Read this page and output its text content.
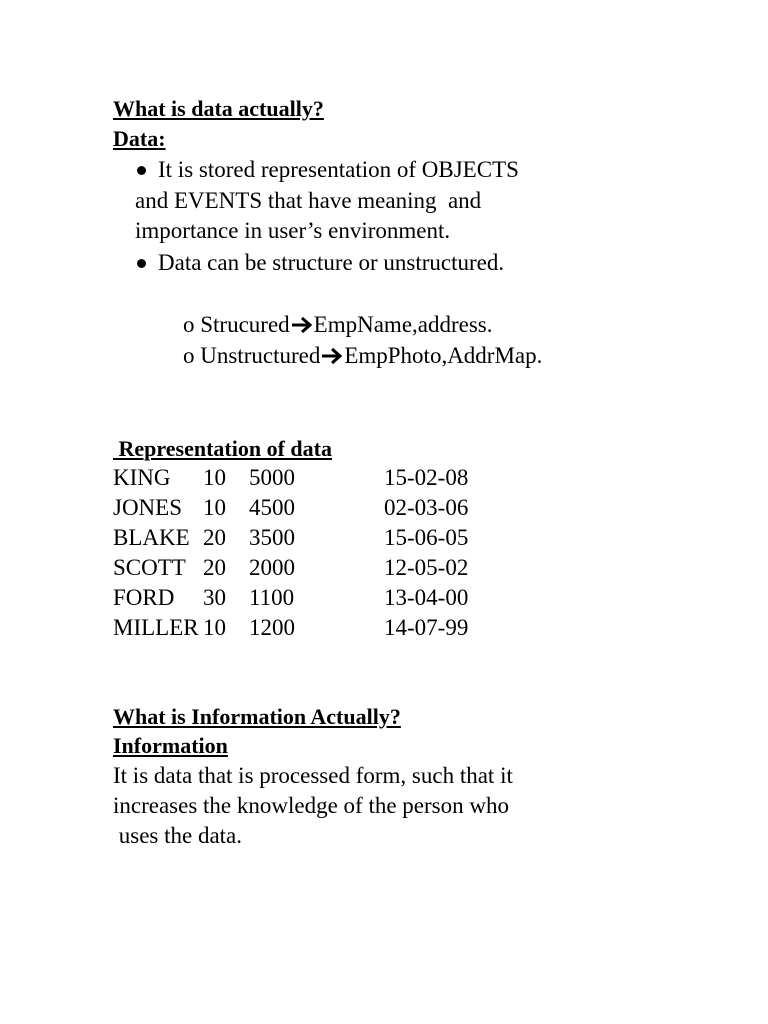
What is data actually?
Data:
It is stored representation of OBJECTS
and EVENTS that have meaning  and
importance in user’s environment.
Data can be structure or unstructured.
o
Strucured EmpName,address.
o
Unstructured EmpPhoto,AddrMap.
Representation of data
KING 10 5000	15-02-08
JONES 10 4500	02-03-06
BLAKE 20 3500	15-06-05
SCOTT 20 2000	12-05-02
FORD 30 1100	13-04-00
MILLER 10 1200	14-07-99
What is Information Actually?
Information
It is data that is processed form, such that it
increases the knowledge of the person who
uses the data.
